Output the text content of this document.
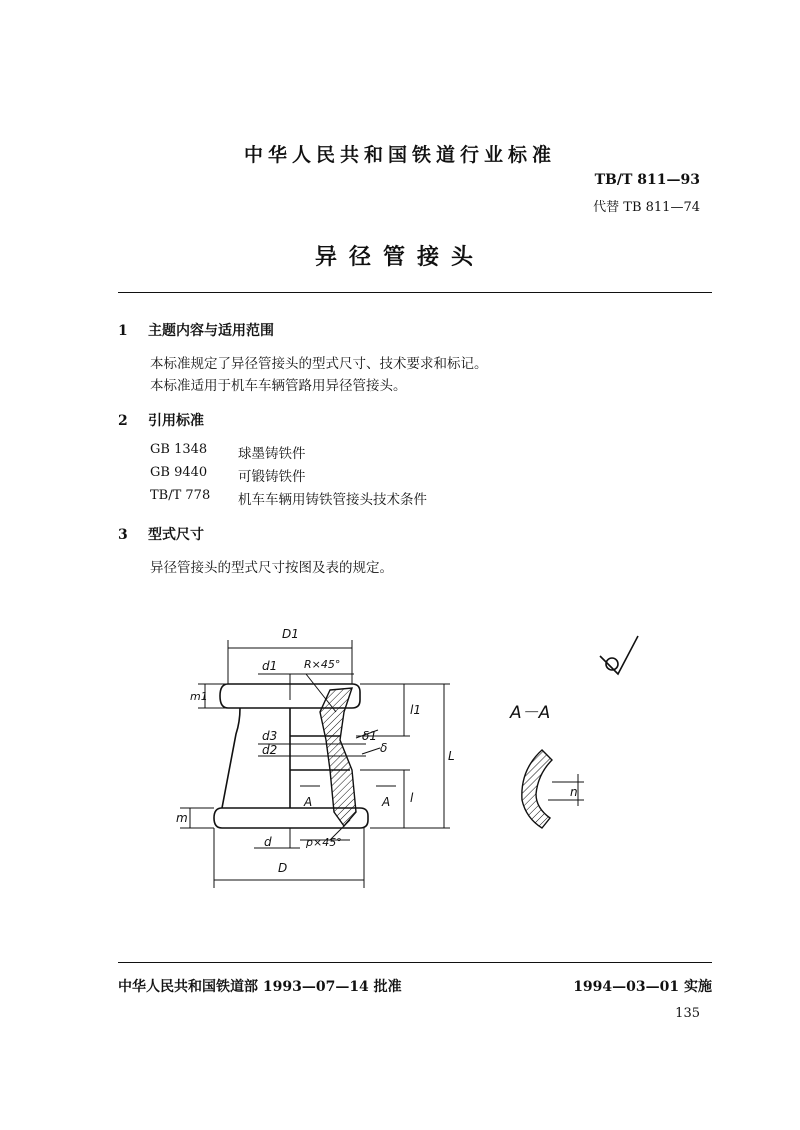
中华人民共和国铁道行业标准
TB/T 811—93
代替 TB 811—74
异径管接头
1 主题内容与适用范围
本标准规定了异径管接头的型式尺寸、技术要求和标记。
本标准适用于机车车辆管路用异径管接头。
2 引用标准
GB 1348	球墨铸铁件
GB 9440	可锻铸铁件
TB/T 778	机车车辆用铸铁管接头技术条件
3 型式尺寸
异径管接头的型式尺寸按图及表的规定。
D1
d1 R×45°
d3
d2
δ1
δ
A	A
d	p×45°
D
m1
m
l1
L
l
A－A
n
中华人民共和国铁道部 1993—07—14 批准	1994—03—01 实施
135
